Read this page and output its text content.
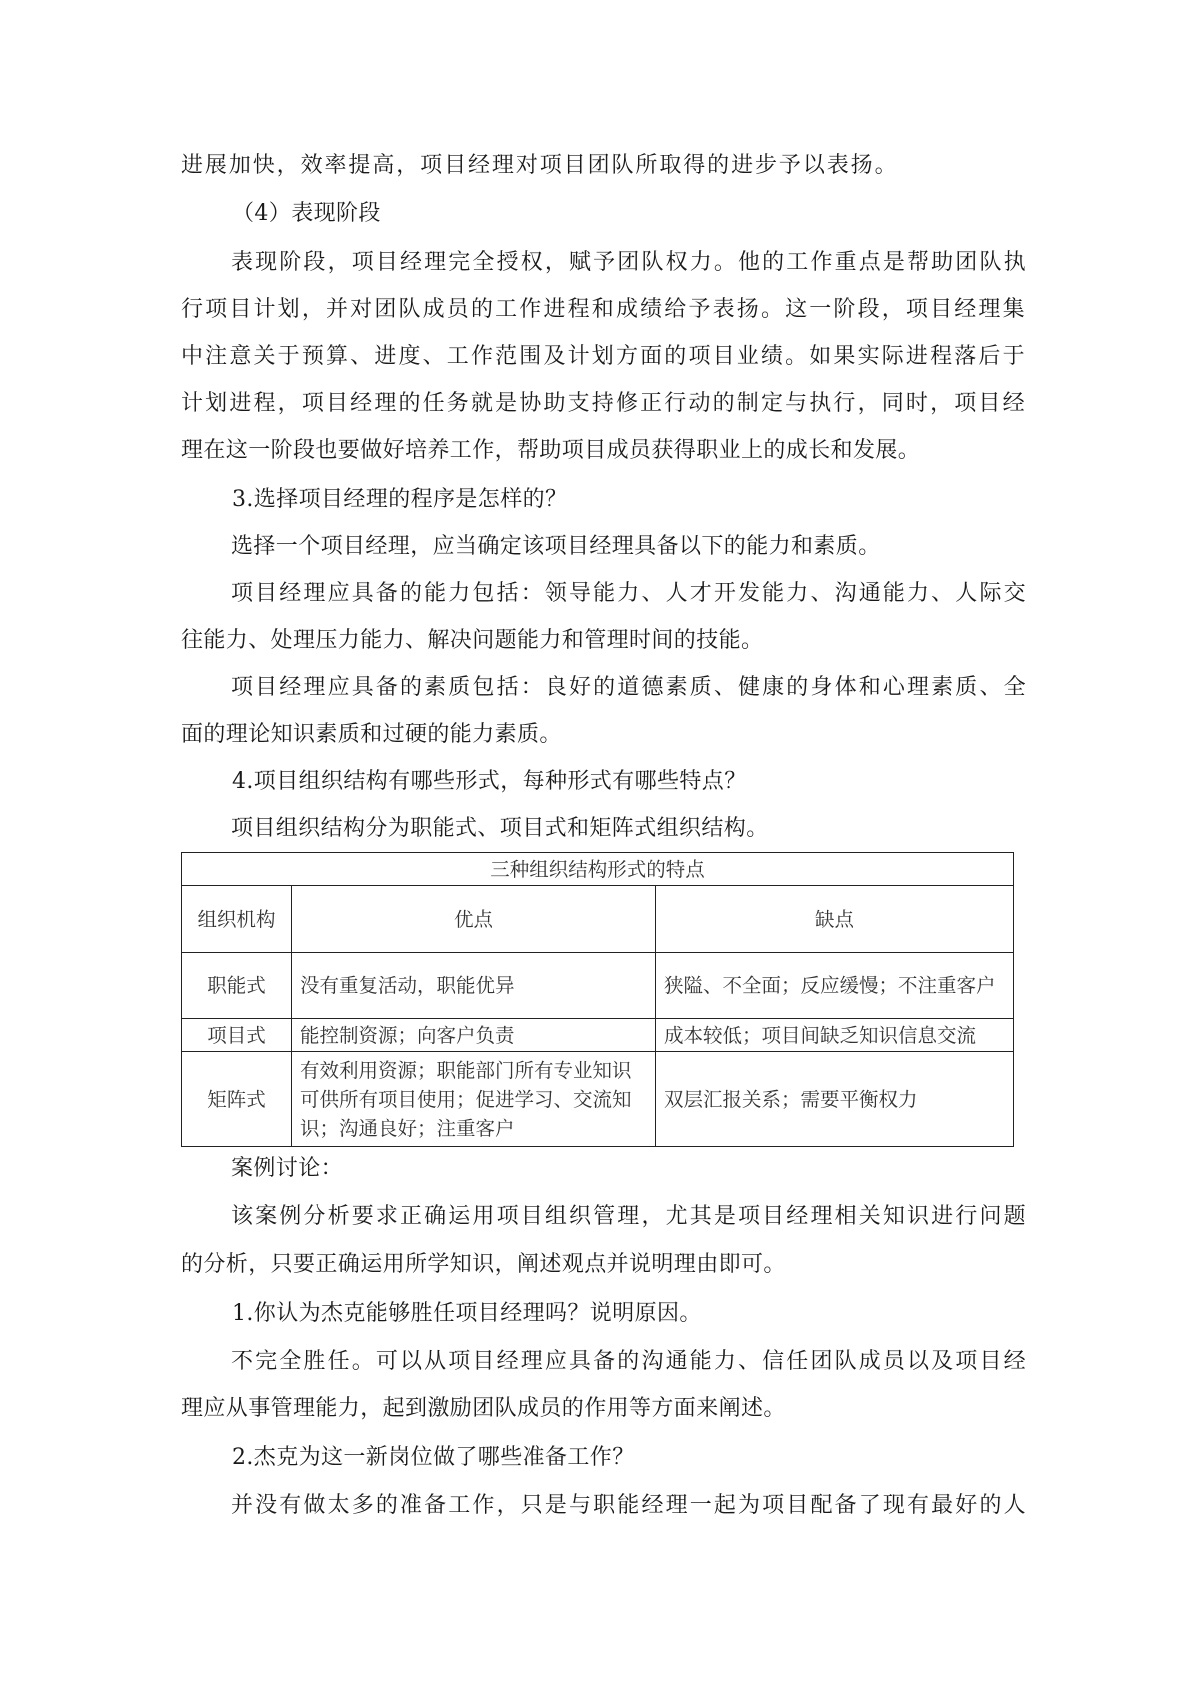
进展加快，效率提高，项目经理对项目团队所取得的进步予以表扬。
（4）表现阶段
表现阶段，项目经理完全授权，赋予团队权力。他的工作重点是帮助团队执
行项目计划，并对团队成员的工作进程和成绩给予表扬。这一阶段，项目经理集
中注意关于预算、进度、工作范围及计划方面的项目业绩。如果实际进程落后于
计划进程，项目经理的任务就是协助支持修正行动的制定与执行，同时，项目经
理在这一阶段也要做好培养工作，帮助项目成员获得职业上的成长和发展。
3.选择项目经理的程序是怎样的？
选择一个项目经理，应当确定该项目经理具备以下的能力和素质。
项目经理应具备的能力包括：领导能力、人才开发能力、沟通能力、人际交
往能力、处理压力能力、解决问题能力和管理时间的技能。
项目经理应具备的素质包括：良好的道德素质、健康的身体和心理素质、全
面的理论知识素质和过硬的能力素质。
4.项目组织结构有哪些形式，每种形式有哪些特点？
项目组织结构分为职能式、项目式和矩阵式组织结构。
三种组织结构形式的特点		
组织机构	优点	缺点
职能式	没有重复活动，职能优异	狭隘、不全面；反应缓慢；不注重客户
项目式	能控制资源；向客户负责	成本较低；项目间缺乏知识信息交流
矩阵式	有效利用资源；职能部门所有专业知识可供所有项目使用；促进学习、交流知识；沟通良好；注重客户	双层汇报关系；需要平衡权力
案例讨论：
该案例分析要求正确运用项目组织管理，尤其是项目经理相关知识进行问题
的分析，只要正确运用所学知识，阐述观点并说明理由即可。
1.你认为杰克能够胜任项目经理吗？说明原因。
不完全胜任。可以从项目经理应具备的沟通能力、信任团队成员以及项目经
理应从事管理能力，起到激励团队成员的作用等方面来阐述。
2.杰克为这一新岗位做了哪些准备工作？
并没有做太多的准备工作，只是与职能经理一起为项目配备了现有最好的人
